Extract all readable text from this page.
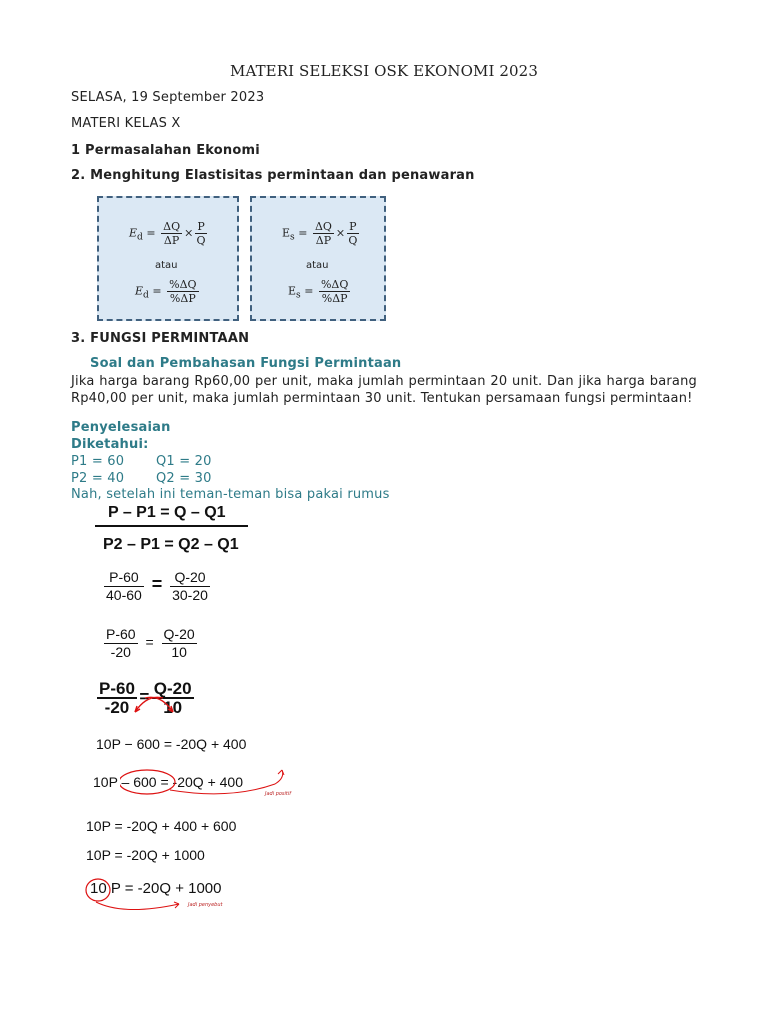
MATERI SELEKSI OSK EKONOMI 2023
SELASA, 19 September 2023
MATERI KELAS X
1 Permasalahan Ekonomi
2. Menghitung Elastisitas permintaan dan penawaran
$E_d = \frac{\Delta Q}{\Delta P} \times \frac{P}{Q}$
atau
$E_d = \frac{\%\Delta Q}{\%\Delta P}$
$E_s = \frac{\Delta Q}{\Delta P} \times \frac{P}{Q}$
atau
$E_s = \frac{\%\Delta Q}{\%\Delta P}$
3. FUNGSI PERMINTAAN
Soal dan Pembahasan Fungsi Permintaan
Jika harga barang Rp60,00 per unit, maka jumlah permintaan 20 unit. Dan jika harga barang Rp40,00 per unit, maka jumlah permintaan 30 unit. Tentukan persamaan fungsi permintaan!
Penyelesaian
Diketahui:
P1 = 60 Q1 = 20
P2 = 40 Q2 = 30
Nah, setelah ini teman-teman bisa pakai rumus
P – P1 = Q – Q1
P2 – P1 = Q2 – Q1
$\frac{P-60}{40-60} = \frac{Q-20}{30-20}$
$\frac{P-60}{-20} = \frac{Q-20}{10}$
$\frac{P-60}{-20} = \frac{Q-20}{10}$
10P − 600 = -20Q + 400
10P – 600 = -20Q + 400
Jadi positif
10P = -20Q + 400 + 600
10P = -20Q + 1000
10 P = -20Q + 1000
Jadi penyebut
